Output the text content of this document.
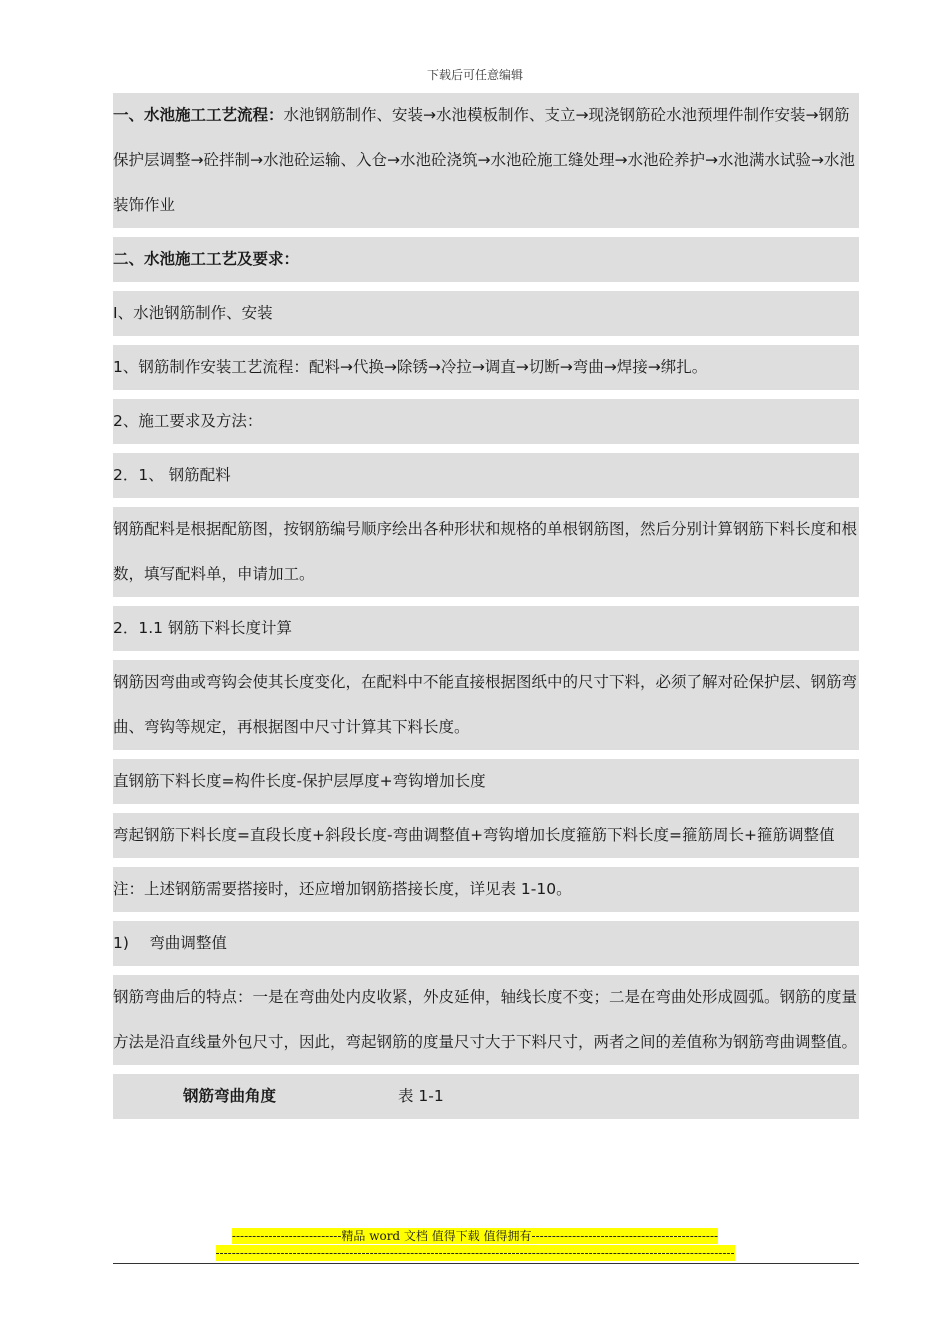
下载后可任意编辑
一、水池施工工艺流程：水池钢筋制作、安装→水池模板制作、支立→现浇钢筋砼水池预埋件制作安装→钢筋保护层调整→砼拌制→水池砼运输、入仓→水池砼浇筑→水池砼施工缝处理→水池砼养护→水池满水试验→水池装饰作业
二、水池施工工艺及要求：
I、水池钢筋制作、安装
1、钢筋制作安装工艺流程：配料→代换→除锈→冷拉→调直→切断→弯曲→焊接→绑扎。
2、施工要求及方法：
2．1、 钢筋配料
钢筋配料是根据配筋图，按钢筋编号顺序绘出各种形状和规格的单根钢筋图，然后分别计算钢筋下料长度和根数，填写配料单，申请加工。
2．1.1 钢筋下料长度计算
钢筋因弯曲或弯钩会使其长度变化，在配料中不能直接根据图纸中的尺寸下料，必须了解对砼保护层、钢筋弯曲、弯钩等规定，再根据图中尺寸计算其下料长度。
直钢筋下料长度=构件长度-保护层厚度+弯钩增加长度
弯起钢筋下料长度=直段长度+斜段长度-弯曲调整值+弯钩增加长度箍筋下料长度=箍筋周长+箍筋调整值
注：上述钢筋需要搭接时，还应增加钢筋搭接长度，详见表 1-10。
1)　 弯曲调整值
钢筋弯曲后的特点：一是在弯曲处内皮收紧，外皮延伸，轴线长度不变；二是在弯曲处形成圆弧。钢筋的度量方法是沿直线量外包尺寸，因此，弯起钢筋的度量尺寸大于下料尺寸，两者之间的差值称为钢筋弯曲调整值。
钢筋弯曲角度	表 1-1
---------------------------精品 word 文档 值得下载 值得拥有----------------------------------------------
--------------------------------------------------------------------------------------------------------------------------------
